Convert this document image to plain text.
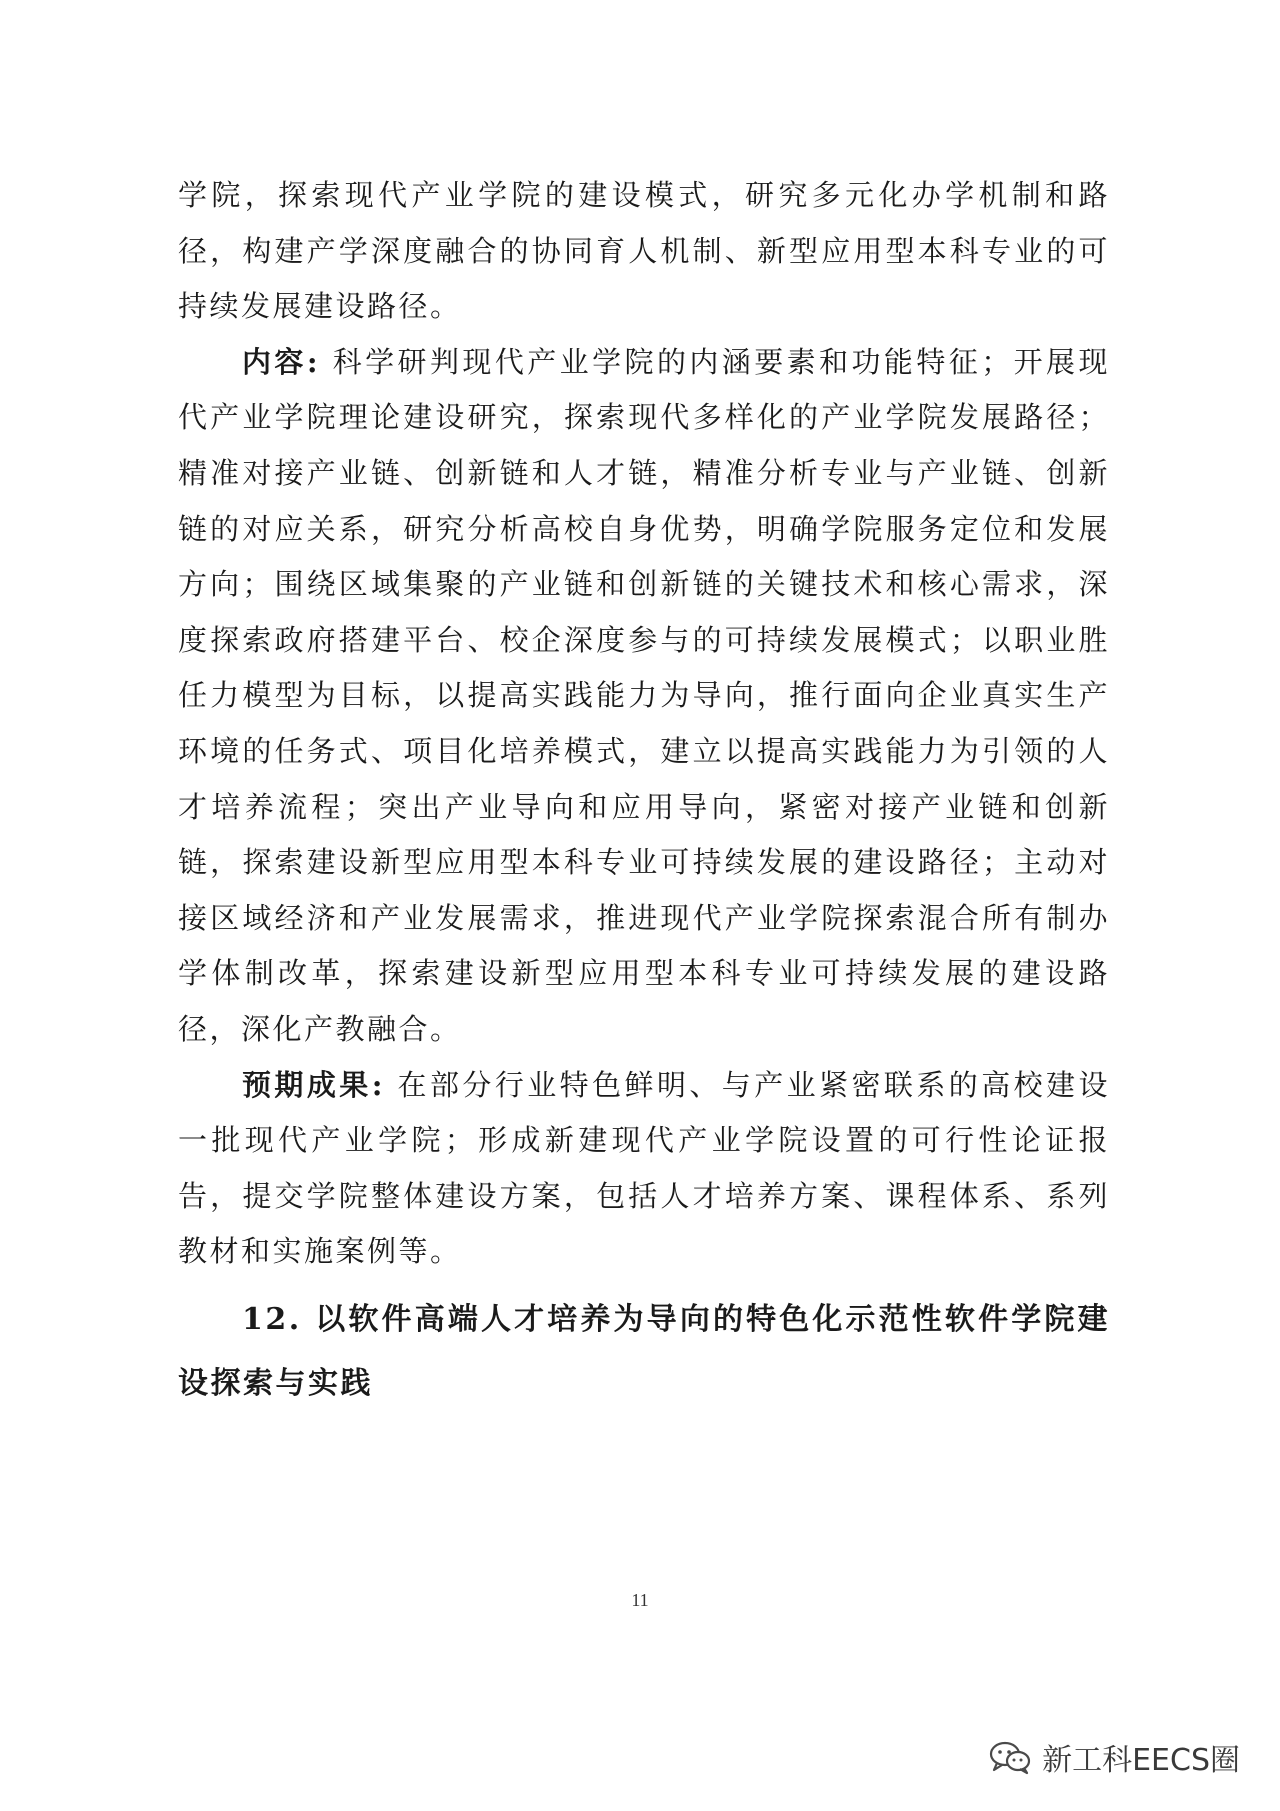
学院，探索现代产业学院的建设模式，研究多元化办学机制和路径，构建产学深度融合的协同育人机制、新型应用型本科专业的可持续发展建设路径。

内容: 科学研判现代产业学院的内涵要素和功能特征；开展现代产业学院理论建设研究，探索现代多样化的产业学院发展路径；精准对接产业链、创新链和人才链，精准分析专业与产业链、创新链的对应关系，研究分析高校自身优势，明确学院服务定位和发展方向；围绕区域集聚的产业链和创新链的关键技术和核心需求，深度探索政府搭建平台、校企深度参与的可持续发展模式；以职业胜任力模型为目标，以提高实践能力为导向，推行面向企业真实生产环境的任务式、项目化培养模式，建立以提高实践能力为引领的人才培养流程；突出产业导向和应用导向，紧密对接产业链和创新链，探索建设新型应用型本科专业可持续发展的建设路径；主动对接区域经济和产业发展需求，推进现代产业学院探索混合所有制办学体制改革，探索建设新型应用型本科专业可持续发展的建设路径，深化产教融合。

预期成果: 在部分行业特色鲜明、与产业紧密联系的高校建设一批现代产业学院；形成新建现代产业学院设置的可行性论证报告，提交学院整体建设方案，包括人才培养方案、课程体系、系列教材和实施案例等。

12. 以软件高端人才培养为导向的特色化示范性软件学院建设探索与实践

11
新工科EECS圈
